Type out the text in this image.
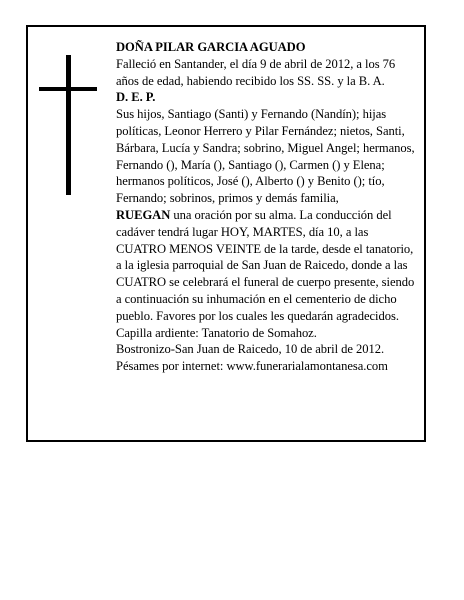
DOÑA PILAR GARCIA AGUADO

Falleció en Santander, el día 9 de abril de 2012, a los 76 años de edad, habiendo recibido los SS. SS. y la B. A.

D. E. P.

Sus hijos, Santiago (Santi) y Fernando (Nandín); hijas políticas, Leonor Herrero y Pilar Fernández; nietos, Santi, Bárbara, Lucía y Sandra; sobrino, Miguel Angel; hermanos, Fernando (), María (), Santiago (), Carmen () y Elena; hermanos políticos, José (), Alberto () y Benito (); tío, Fernando; sobrinos, primos y demás familia,

RUEGAN una oración por su alma. La conducción del cadáver tendrá lugar HOY, MARTES, día 10, a las CUATRO MENOS VEINTE de la tarde, desde el tanatorio, a la iglesia parroquial de San Juan de Raicedo, donde a las CUATRO se celebrará el funeral de cuerpo presente, siendo a continuación su inhumación en el cementerio de dicho pueblo. Favores por los cuales les quedarán agradecidos. Capilla ardiente: Tanatorio de Somahoz.

Bostronizo-San Juan de Raicedo, 10 de abril de 2012.

Pésames por internet: www.funerarialamontanesa.com
